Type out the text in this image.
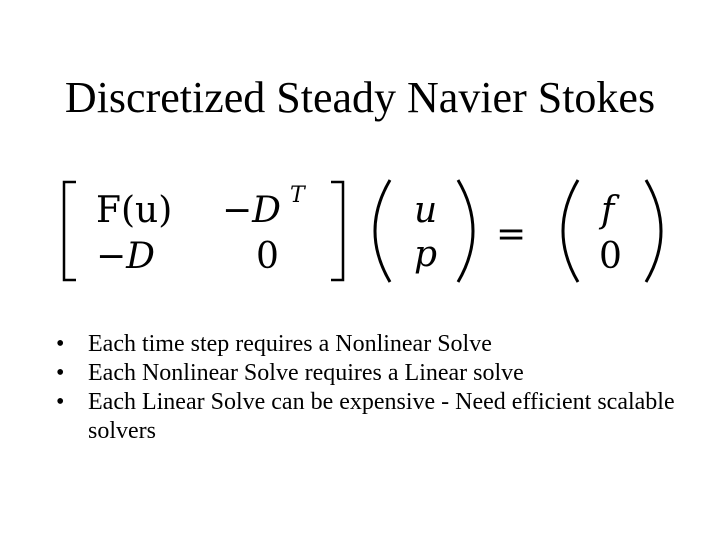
Discretized Steady Navier Stokes
F(u) −D T
−D	0
u
p =
f
0
• Each time step requires a Nonlinear Solve
• Each Nonlinear Solve requires a Linear solve
• Each Linear Solve can be expensive - Need efficient scalable solvers
